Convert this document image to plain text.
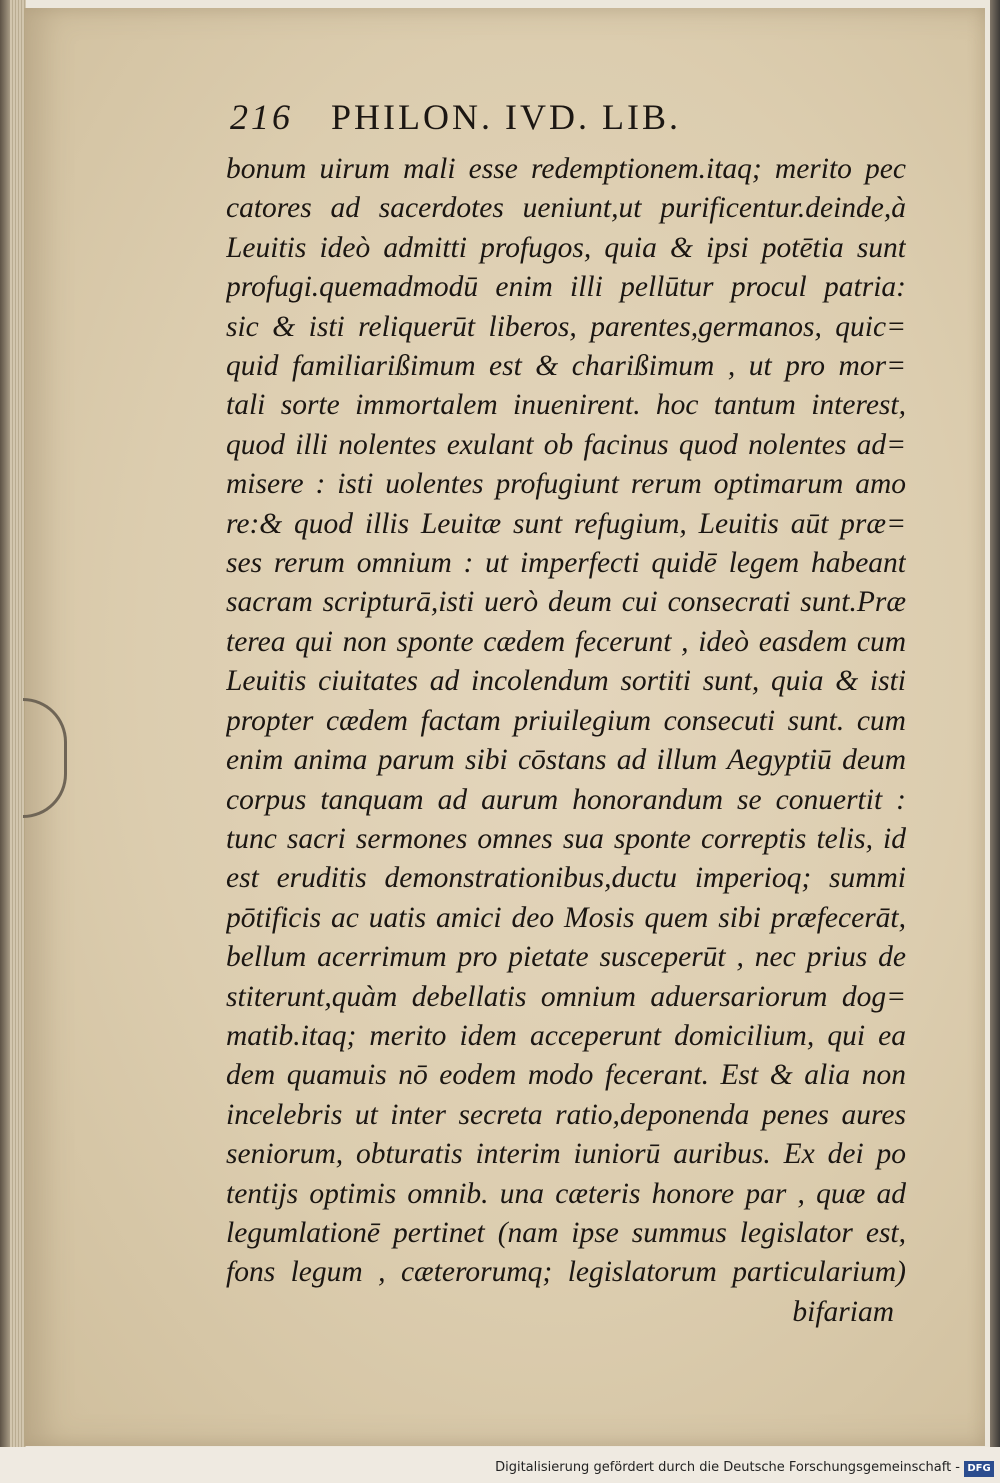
216 PHILON. IVD. LIB.
bonum uirum mali esse redemptionem.itaq; merito pec
catores ad sacerdotes ueniunt,ut purificentur.deinde,à
Leuitis ideò admitti profugos, quia & ipsi potētia sunt
profugi.quemadmodū enim illi pellūtur procul patria:
sic & isti reliquerūt liberos, parentes,germanos, quic=
quid familiarißimum est & charißimum , ut pro mor=
tali sorte immortalem inuenirent. hoc tantum interest,
quod illi nolentes exulant ob facinus quod nolentes ad=
misere : isti uolentes profugiunt rerum optimarum amo
re:& quod illis Leuitæ sunt refugium, Leuitis aūt præ=
ses rerum omnium : ut imperfecti quidē legem habeant
sacram scripturā,isti uerò deum cui consecrati sunt.Præ
terea qui non sponte cædem fecerunt , ideò easdem cum
Leuitis ciuitates ad incolendum sortiti sunt, quia & isti
propter cædem factam priuilegium consecuti sunt. cum
enim anima parum sibi cōstans ad illum Aegyptiū deum
corpus tanquam ad aurum honorandum se conuertit :
tunc sacri sermones omnes sua sponte correptis telis, id
est eruditis demonstrationibus,ductu imperioq; summi
pōtificis ac uatis amici deo Mosis quem sibi præfecerāt,
bellum acerrimum pro pietate susceperūt , nec prius de
stiterunt,quàm debellatis omnium aduersariorum dog=
matib.itaq; merito idem acceperunt domicilium, qui ea
dem quamuis nō eodem modo fecerant. Est & alia non
incelebris ut inter secreta ratio,deponenda penes aures
seniorum, obturatis interim iuniorū auribus. Ex dei po
tentijs optimis omnib. una cæteris honore par , quæ ad
legumlationē pertinet (nam ipse summus legislator est,
fons legum , cæterorumq; legislatorum particularium)
bifariam
Digitalisierung gefördert durch die Deutsche Forschungsgemeinschaft - DFG
